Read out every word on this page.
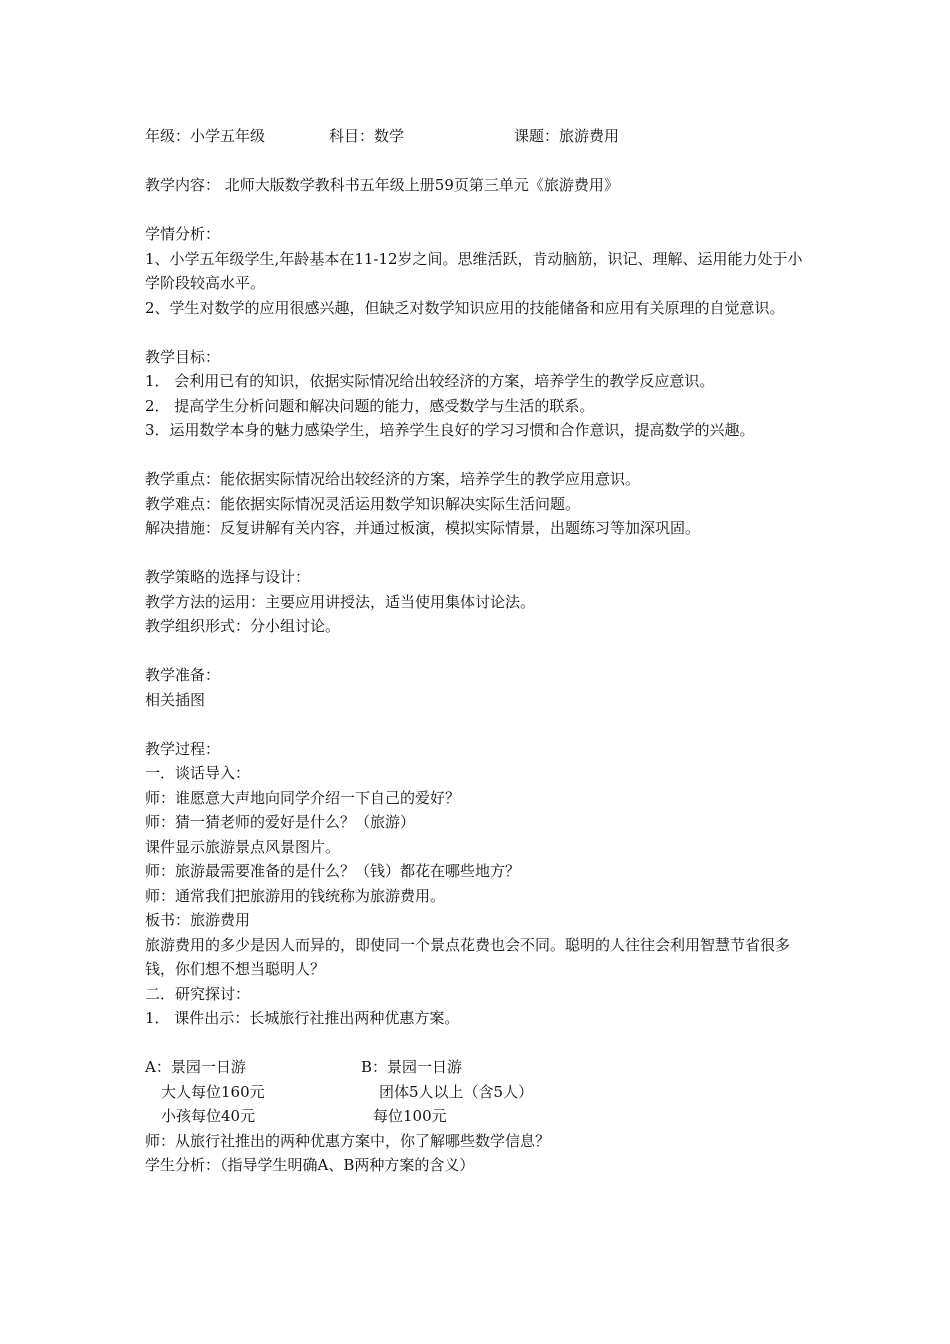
年级：小学五年级	科目：数学	课题：旅游费用
教学内容： 北师大版数学教科书五年级上册59页第三单元《旅游费用》
学情分析：
1、小学五年级学生,年龄基本在11-12岁之间。思维活跃，肯动脑筋，识记、理解、运用能力处于小学阶段较高水平。
2、学生对数学的应用很感兴趣，但缺乏对数学知识应用的技能储备和应用有关原理的自觉意识。
教学目标：
1． 会利用已有的知识，依据实际情况给出较经济的方案，培养学生的教学反应意识。
2． 提高学生分析问题和解决问题的能力，感受数学与生活的联系。
3．运用数学本身的魅力感染学生，培养学生良好的学习习惯和合作意识，提高数学的兴趣。
教学重点：能依据实际情况给出较经济的方案，培养学生的教学应用意识。
教学难点：能依据实际情况灵活运用数学知识解决实际生活问题。
解决措施：反复讲解有关内容，并通过板演，模拟实际情景，出题练习等加深巩固。
教学策略的选择与设计：
教学方法的运用：主要应用讲授法，适当使用集体讨论法。
教学组织形式：分小组讨论。
教学准备：
相关插图
教学过程：
一．谈话导入：
师：谁愿意大声地向同学介绍一下自己的爱好？
师：猜一猜老师的爱好是什么？（旅游）
课件显示旅游景点风景图片。
师：旅游最需要准备的是什么？（钱）都花在哪些地方？
师：通常我们把旅游用的钱统称为旅游费用。
板书：旅游费用
旅游费用的多少是因人而异的，即使同一个景点花费也会不同。聪明的人往往会利用智慧节省很多钱，你们想不想当聪明人？
二．研究探讨：
1． 课件出示：长城旅行社推出两种优惠方案。
A：景园一日游	B：景园一日游
大人每位160元	团体5人以上（含5人）
小孩每位40元	每位100元
师：从旅行社推出的两种优惠方案中，你了解哪些数学信息？
学生分析：（指导学生明确A、B两种方案的含义）
